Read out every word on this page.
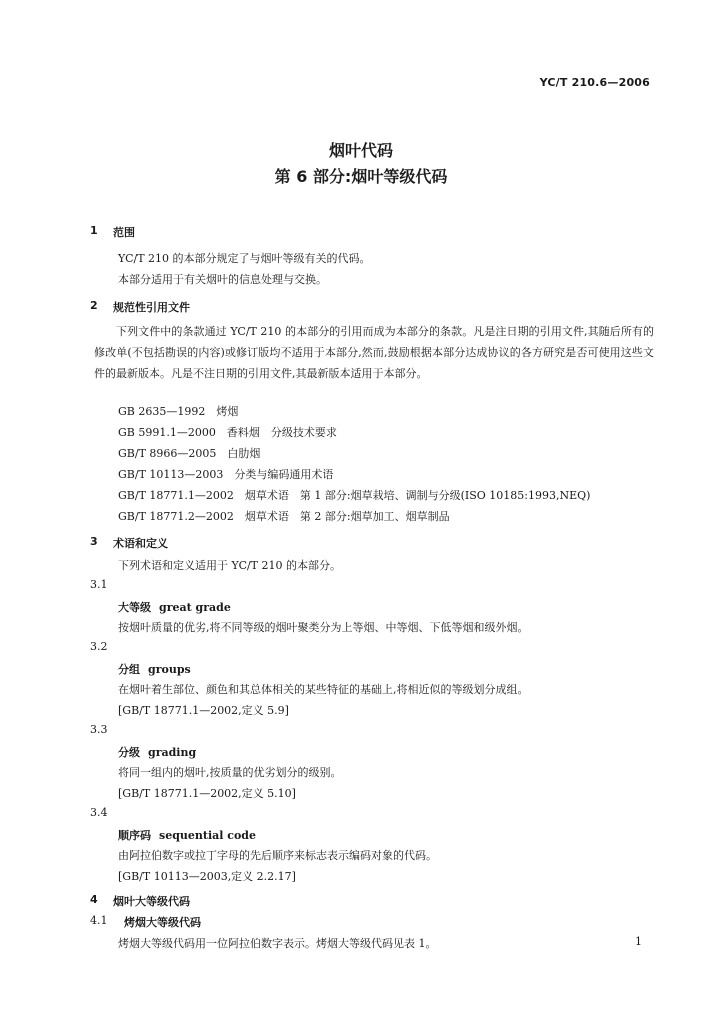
YC/T 210.6—2006
烟叶代码
第 6 部分:烟叶等级代码
1 范围
YC/T 210 的本部分规定了与烟叶等级有关的代码。
本部分适用于有关烟叶的信息处理与交换。
2 规范性引用文件
下列文件中的条款通过 YC/T 210 的本部分的引用而成为本部分的条款。凡是注日期的引用文件,其随后所有的修改单(不包括勘误的内容)或修订版均不适用于本部分,然而,鼓励根据本部分达成协议的各方研究是否可使用这些文件的最新版本。凡是不注日期的引用文件,其最新版本适用于本部分。
GB 2635—1992　烤烟
GB 5991.1—2000　香料烟　分级技术要求
GB/T 8966—2005　白肋烟
GB/T 10113—2003　分类与编码通用术语
GB/T 18771.1—2002　烟草术语　第 1 部分:烟草栽培、调制与分级(ISO 10185:1993,NEQ)
GB/T 18771.2—2002　烟草术语　第 2 部分:烟草加工、烟草制品
3 术语和定义
下列术语和定义适用于 YC/T 210 的本部分。
3.1
大等级 great grade
按烟叶质量的优劣,将不同等级的烟叶聚类分为上等烟、中等烟、下低等烟和级外烟。
3.2
分组 groups
在烟叶着生部位、颜色和其总体相关的某些特征的基础上,将相近似的等级划分成组。
[GB/T 18771.1—2002,定义 5.9]
3.3
分级 grading
将同一组内的烟叶,按质量的优劣划分的级别。
[GB/T 18771.1—2002,定义 5.10]
3.4
顺序码 sequential code
由阿拉伯数字或拉丁字母的先后顺序来标志表示编码对象的代码。
[GB/T 10113—2003,定义 2.2.17]
4 烟叶大等级代码
4.1 烤烟大等级代码
烤烟大等级代码用一位阿拉伯数字表示。烤烟大等级代码见表 1。	1
